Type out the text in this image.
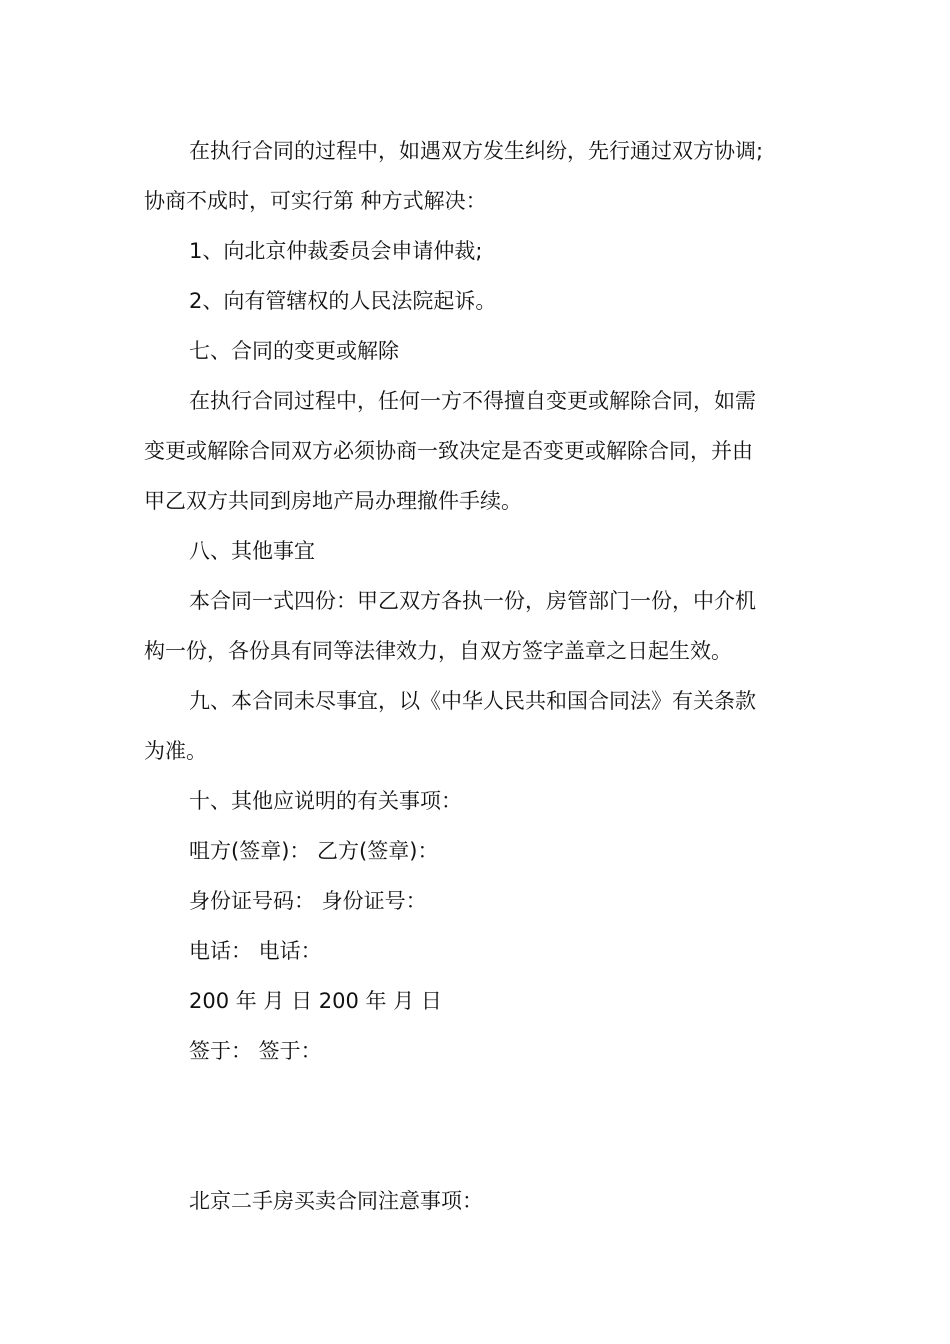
在执行合同的过程中，如遇双方发生纠纷，先行通过双方协调;

协商不成时，可实行第 种方式解决：

1、向北京仲裁委员会申请仲裁;

2、向有管辖权的人民法院起诉。

七、合同的变更或解除

在执行合同过程中，任何一方不得擅自变更或解除合同，如需

变更或解除合同双方必须协商一致决定是否变更或解除合同，并由

甲乙双方共同到房地产局办理撤件手续。

八、其他事宜

本合同一式四份：甲乙双方各执一份，房管部门一份，中介机

构一份，各份具有同等法律效力，自双方签字盖章之日起生效。

九、本合同未尽事宜，以《中华人民共和国合同法》有关条款

为准。

十、其他应说明的有关事项：

咀方(签章)： 乙方(签章)：

身份证号码： 身份证号：

电话： 电话：

200 年 月 日 200 年 月 日

签于： 签于：

北京二手房买卖合同注意事项：
